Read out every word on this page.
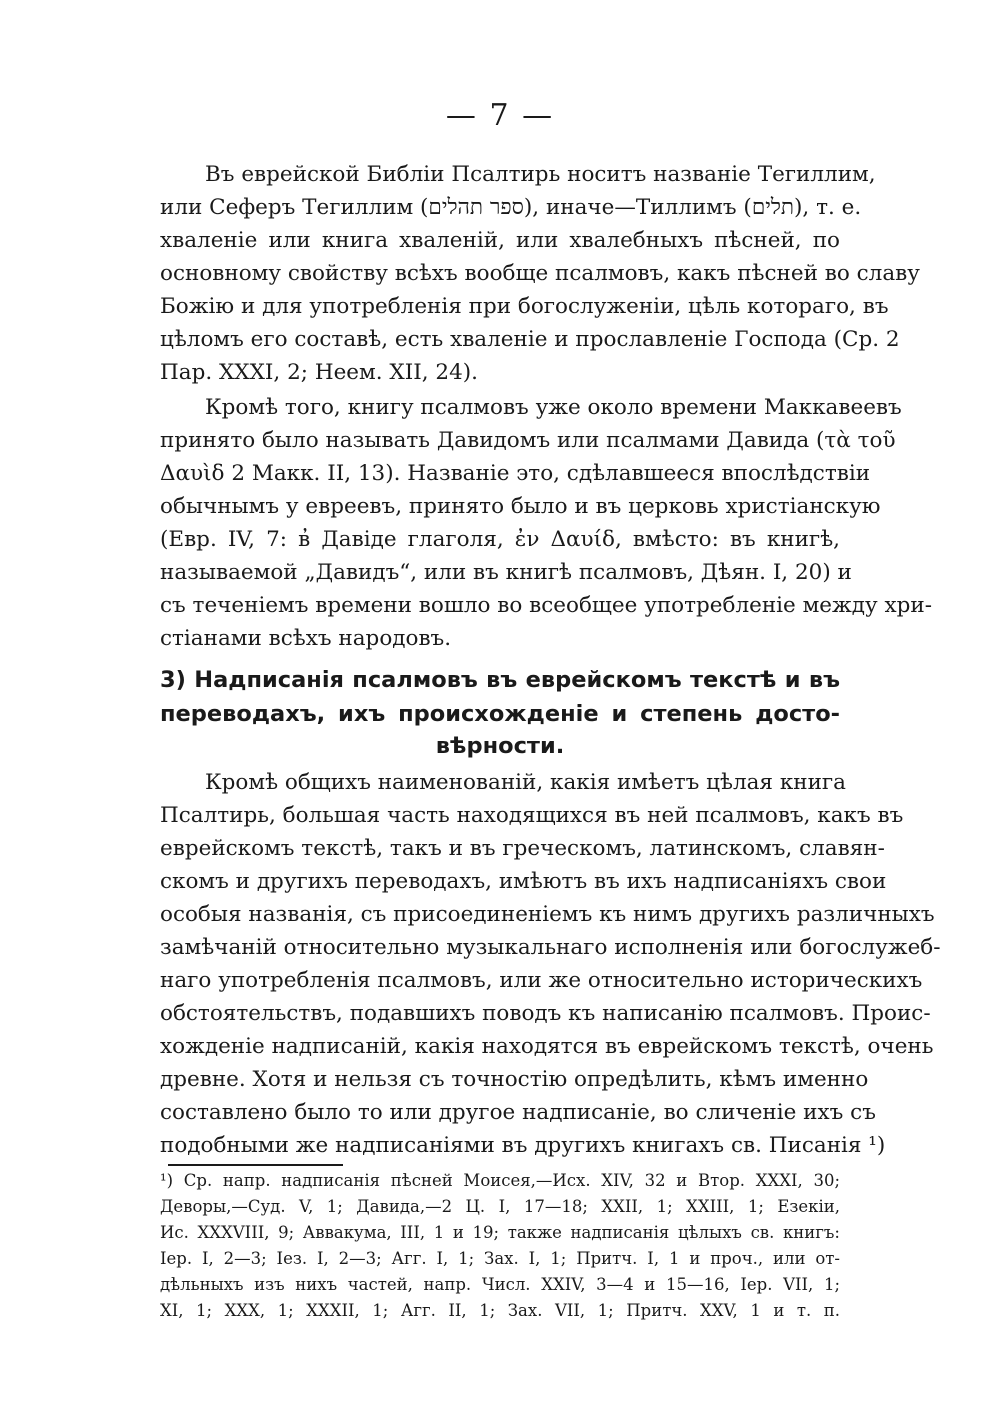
— 7 —
Въ еврейской Библіи Псалтирь носитъ названіе Тегиллим,
или Сеферъ Тегиллим (ספר תהלים), иначе—Тиллимъ (תלים), т. е.
хваленіе или книга хваленій, или хвалебныхъ пѣсней, по
основному свойству всѣхъ вообще псалмовъ, какъ пѣсней во славу
Божію и для употребленія при богослуженіи, цѣль котораго, въ
цѣломъ его составѣ, есть хваленіе и прославленіе Господа (Ср. 2
Пар. XXXI, 2; Неем. XII, 24).
Кромѣ того, книгу псалмовъ уже около времени Маккавеевъ
принято было называть Давидомъ или псалмами Давида (τὰ τοῦ
Δαυὶδ 2 Макк. II, 13). Названіе это, сдѣлавшееся впослѣдствіи
обычнымъ у евреевъ, принято было и въ церковь христіанскую
(Евр. IV, 7: в̓ Давіде глаголя, ἐν Δαυίδ, вмѣсто: въ книгѣ,
называемой „Давидъ“, или въ книгѣ псалмовъ, Дѣян. I, 20) и
съ теченіемъ времени вошло во всеобщее употребленіе между хри-
стіанами всѣхъ народовъ.
3) Надписанія псалмовъ въ еврейскомъ текстѣ и въ
переводахъ, ихъ происхожденіе и степень досто-
вѣрности.
Кромѣ общихъ наименованій, какія имѣетъ цѣлая книга
Псалтирь, большая часть находящихся въ ней псалмовъ, какъ въ
еврейскомъ текстѣ, такъ и въ греческомъ, латинскомъ, славян-
скомъ и другихъ переводахъ, имѣютъ въ ихъ надписаніяхъ свои
особыя названія, съ присоединеніемъ къ нимъ другихъ различныхъ
замѣчаній относительно музыкальнаго исполненія или богослужеб-
наго употребленія псалмовъ, или же относительно историческихъ
обстоятельствъ, подавшихъ поводъ къ написанію псалмовъ. Проис-
хожденіе надписаній, какія находятся въ еврейскомъ текстѣ, очень
древне. Хотя и нельзя съ точностію опредѣлить, кѣмъ именно
составлено было то или другое надписаніе, во сличеніе ихъ съ
подобными же надписаніями въ другихъ книгахъ св. Писанія ¹)
¹) Ср. напр. надписанія пѣсней Моисея,—Исх. XIV, 32 и Втор. XXXI, 30;
Деворы,—Суд. V, 1; Давида,—2 Ц. I, 17—18; XXII, 1; XXIII, 1; Езекіи,
Ис. XXXVIII, 9; Аввакума, III, 1 и 19; также надписанія цѣлыхъ св. книгъ:
Іер. I, 2—3; Іез. I, 2—3; Агг. I, 1; Зах. I, 1; Притч. I, 1 и проч., или от-
дѣльныхъ изъ нихъ частей, напр. Числ. XXIV, 3—4 и 15—16, Іер. VII, 1;
XI, 1; XXX, 1; XXXII, 1; Агг. II, 1; Зах. VII, 1; Притч. XXV, 1 и т. п.
